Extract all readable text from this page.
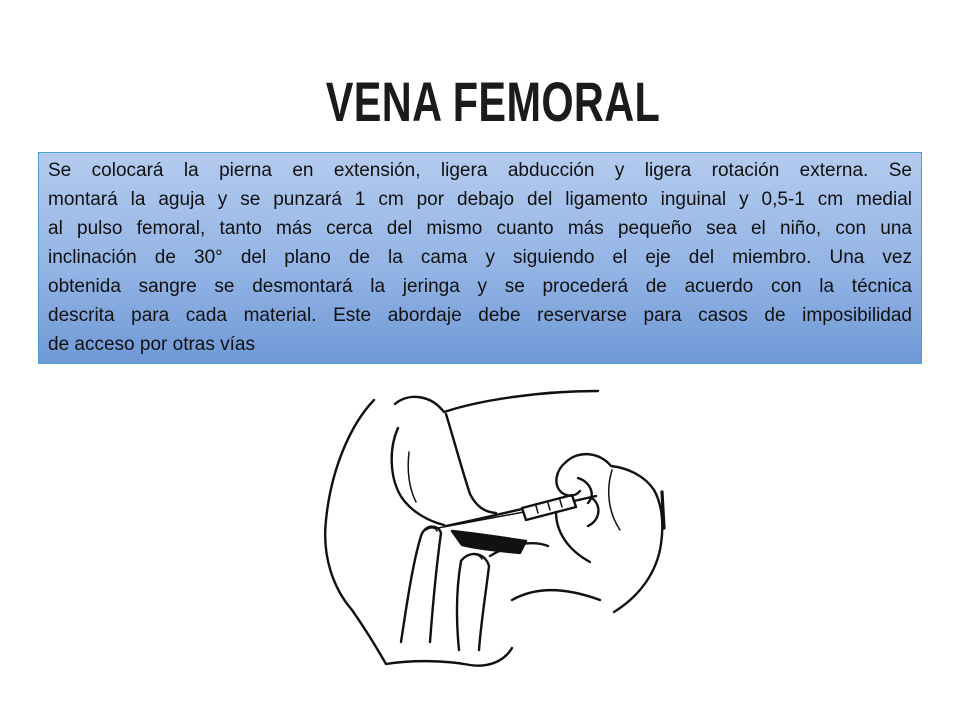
VENA FEMORAL
Se colocará la pierna en extensión, ligera abducción y ligera rotación externa. Se
montará la aguja y se punzará 1 cm por debajo del ligamento inguinal y 0,5-1 cm medial
al pulso femoral, tanto más cerca del mismo cuanto más pequeño sea el niño, con una
inclinación de 30° del plano de la cama y siguiendo el eje del miembro. Una vez
obtenida sangre se desmontará la jeringa y se procederá de acuerdo con la técnica
descrita para cada material. Este abordaje debe reservarse para casos de imposibilidad
de acceso por otras vías
